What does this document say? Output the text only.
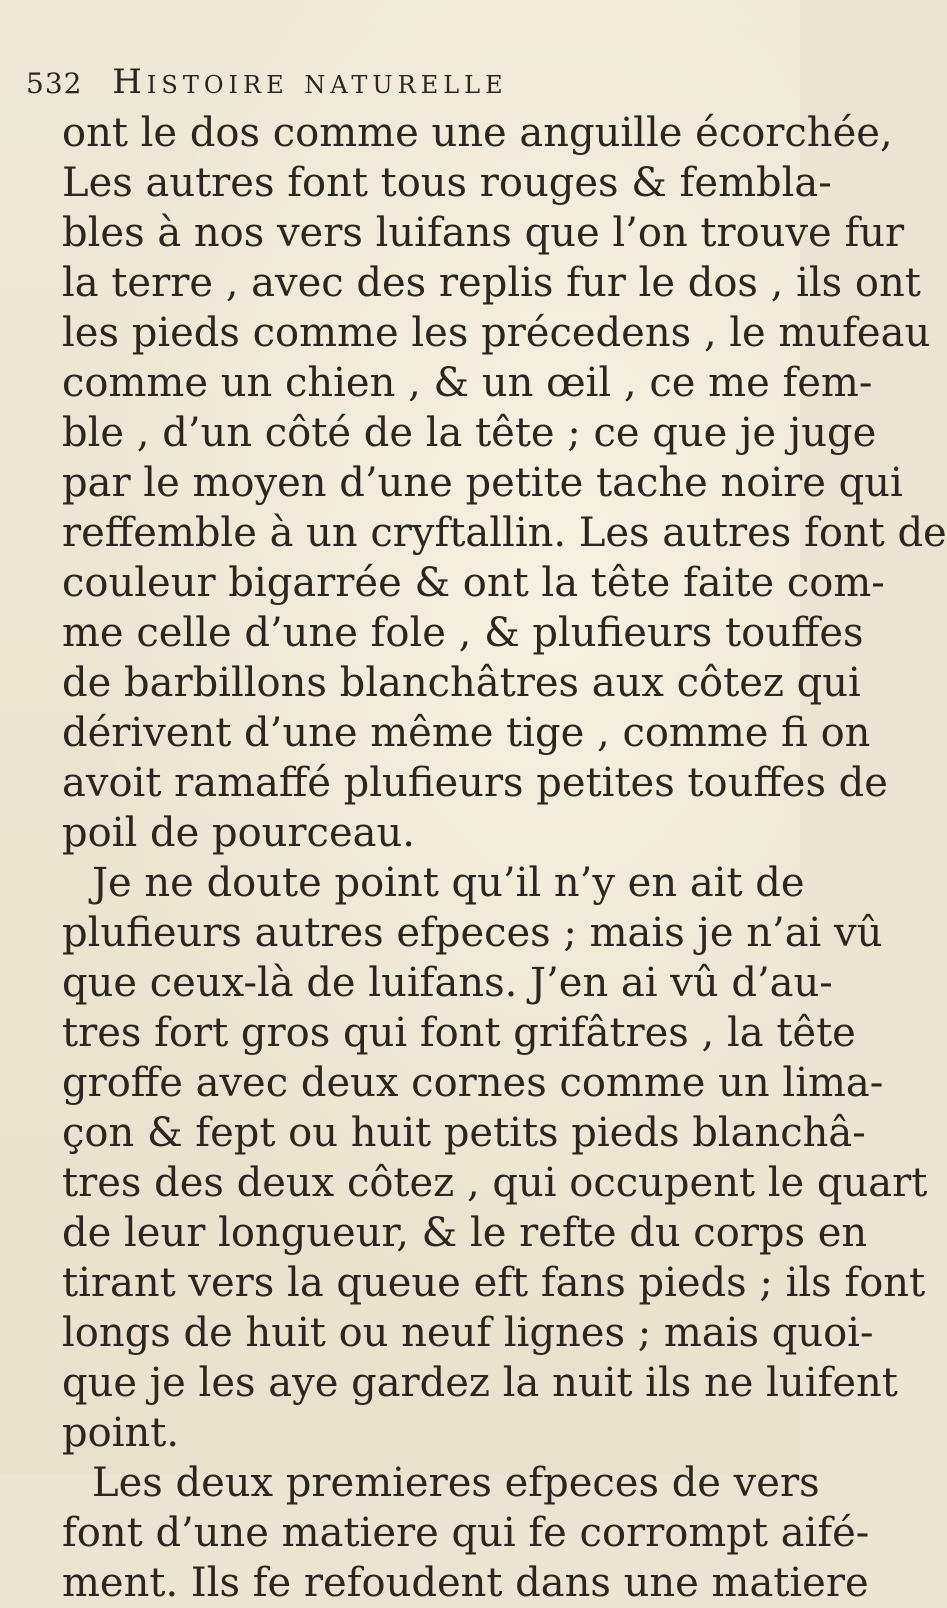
532 Histoire naturelle
ont le dos comme une anguille écorchée,
Les autres font tous rouges & fembla-
bles à nos vers luifans que l’on trouve fur
la terre , avec des replis fur le dos , ils ont
les pieds comme les précedens , le mufeau
comme un chien , & un œil , ce me fem-
ble , d’un côté de la tête ; ce que je juge
par le moyen d’une petite tache noire qui
reffemble à un cryftallin. Les autres font de
couleur bigarrée & ont la tête faite com-
me celle d’une fole , & plufieurs touffes
de barbillons blanchâtres aux côtez qui
dérivent d’une même tige , comme fi on
avoit ramaffé plufieurs petites touffes de
poil de pourceau.
Je ne doute point qu’il n’y en ait de
plufieurs autres efpeces ; mais je n’ai vû
que ceux-là de luifans. J’en ai vû d’au-
tres fort gros qui font grifâtres , la tête
groffe avec deux cornes comme un lima-
çon & fept ou huit petits pieds blanchâ-
tres des deux côtez , qui occupent le quart
de leur longueur, & le refte du corps en
tirant vers la queue eft fans pieds ; ils font
longs de huit ou neuf lignes ; mais quoi-
que je les aye gardez la nuit ils ne luifent
point.
Les deux premieres efpeces de vers
font d’une matiere qui fe corrompt aifé-
ment. Ils fe refoudent dans une matiere
